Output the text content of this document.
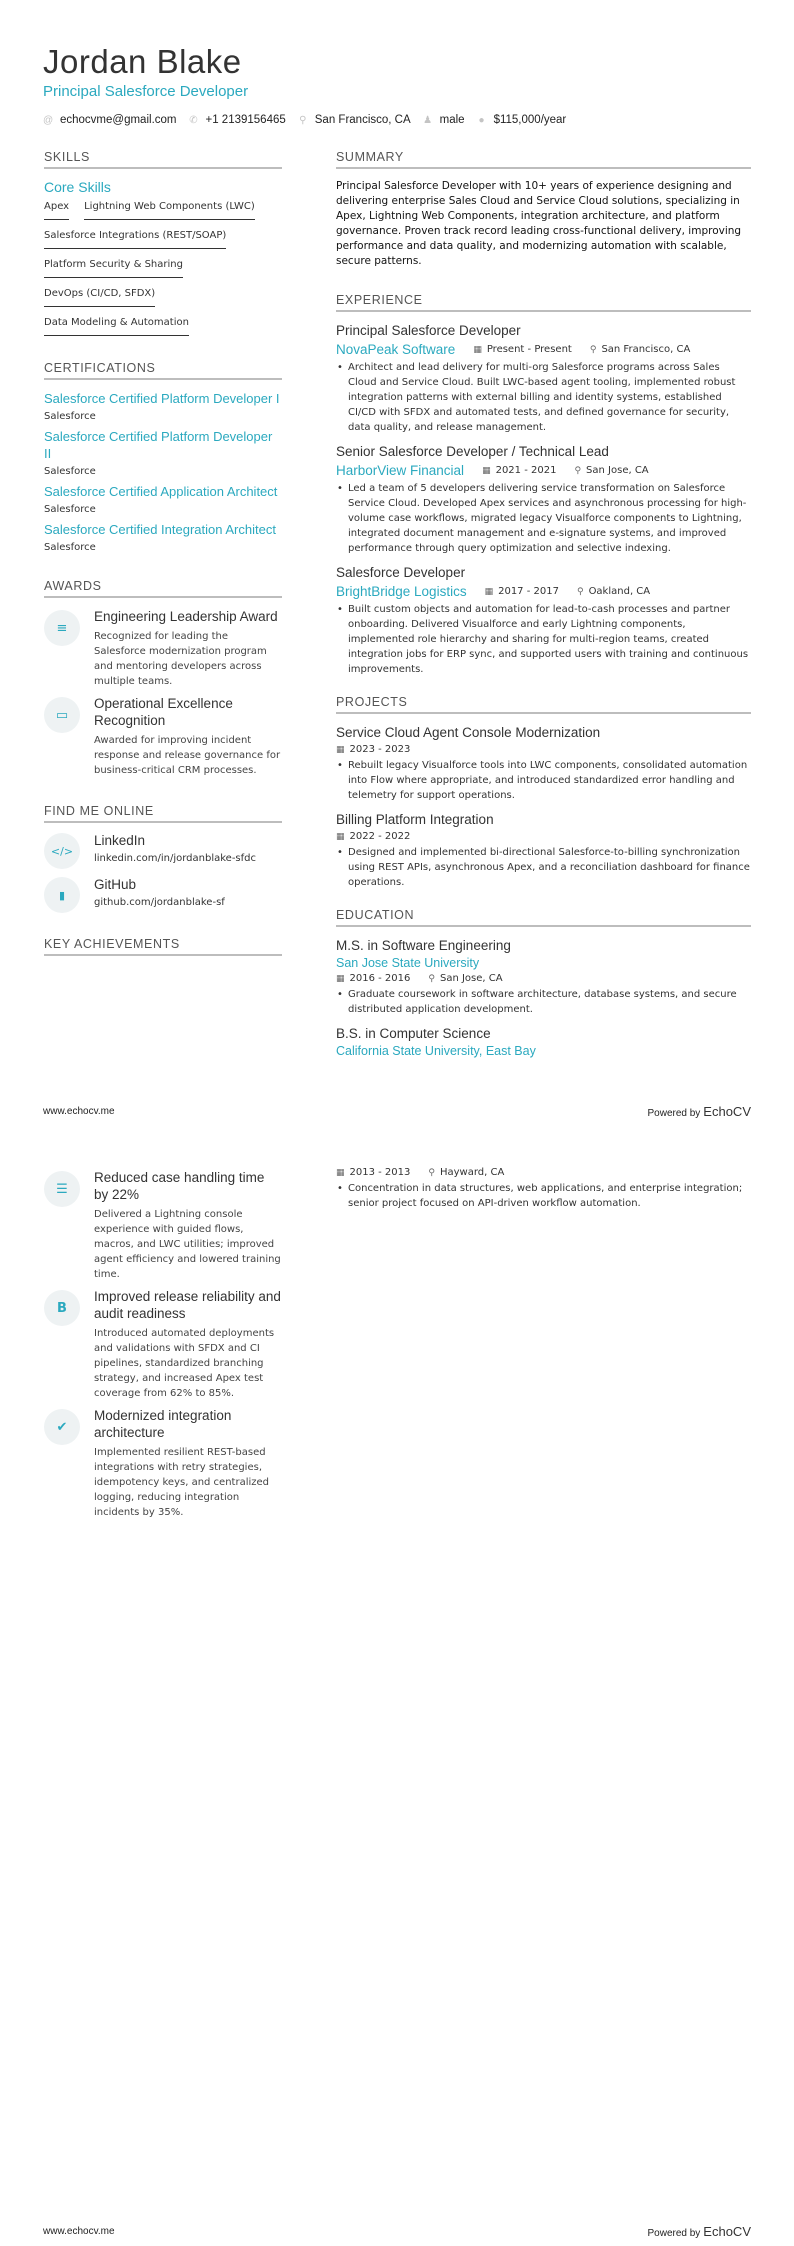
Jordan Blake
Principal Salesforce Developer
@ echocvme@gmail.com ✆ +1 2139156465 ⚲ San Francisco, CA ♟ male ● $115,000/year
SKILLS
Core Skills
Apex Lightning Web Components (LWC)
Salesforce Integrations (REST/SOAP)
Platform Security & Sharing
DevOps (CI/CD, SFDX)
Data Modeling & Automation
CERTIFICATIONS
Salesforce Certified Platform Developer I
Salesforce
Salesforce Certified Platform Developer II
Salesforce
Salesforce Certified Application Architect
Salesforce
Salesforce Certified Integration Architect
Salesforce
AWARDS
≡
Engineering Leadership Award
Recognized for leading the Salesforce modernization program and mentoring developers across multiple teams.
▭
Operational Excellence Recognition
Awarded for improving incident response and release governance for business-critical CRM processes.
FIND ME ONLINE
</>
LinkedIn
linkedin.com/in/jordanblake-sfdc
▮
GitHub
github.com/jordanblake-sf
KEY ACHIEVEMENTS
SUMMARY
Principal Salesforce Developer with 10+ years of experience designing and delivering enterprise Sales Cloud and Service Cloud solutions, specializing in Apex, Lightning Web Components, integration architecture, and platform governance. Proven track record leading cross-functional delivery, improving performance and data quality, and modernizing automation with scalable, secure patterns.
EXPERIENCE
Principal Salesforce Developer
NovaPeak Software ▦ Present - Present ⚲ San Francisco, CA
• Architect and lead delivery for multi-org Salesforce programs across Sales Cloud and Service Cloud. Built LWC-based agent tooling, implemented robust integration patterns with external billing and identity systems, established CI/CD with SFDX and automated tests, and defined governance for security, data quality, and release management.
Senior Salesforce Developer / Technical Lead
HarborView Financial ▦ 2021 - 2021 ⚲ San Jose, CA
• Led a team of 5 developers delivering service transformation on Salesforce Service Cloud. Developed Apex services and asynchronous processing for high-volume case workflows, migrated legacy Visualforce components to Lightning, integrated document management and e-signature systems, and improved performance through query optimization and selective indexing.
Salesforce Developer
BrightBridge Logistics ▦ 2017 - 2017 ⚲ Oakland, CA
• Built custom objects and automation for lead-to-cash processes and partner onboarding. Delivered Visualforce and early Lightning components, implemented role hierarchy and sharing for multi-region teams, created integration jobs for ERP sync, and supported users with training and continuous improvements.
PROJECTS
Service Cloud Agent Console Modernization
▦ 2023 - 2023
• Rebuilt legacy Visualforce tools into LWC components, consolidated automation into Flow where appropriate, and introduced standardized error handling and telemetry for support operations.
Billing Platform Integration
▦ 2022 - 2022
• Designed and implemented bi-directional Salesforce-to-billing synchronization using REST APIs, asynchronous Apex, and a reconciliation dashboard for finance operations.
EDUCATION
M.S. in Software Engineering
San Jose State University
▦ 2016 - 2016 ⚲ San Jose, CA
• Graduate coursework in software architecture, database systems, and secure distributed application development.
B.S. in Computer Science
California State University, East Bay
www.echocv.me	Powered by EchoCV
☰
Reduced case handling time by 22%
Delivered a Lightning console experience with guided flows, macros, and LWC utilities; improved agent efficiency and lowered training time.
B
Improved release reliability and audit readiness
Introduced automated deployments and validations with SFDX and CI pipelines, standardized branching strategy, and increased Apex test coverage from 62% to 85%.
✔
Modernized integration architecture
Implemented resilient REST-based integrations with retry strategies, idempotency keys, and centralized logging, reducing integration incidents by 35%.
▦ 2013 - 2013 ⚲ Hayward, CA
• Concentration in data structures, web applications, and enterprise integration; senior project focused on API-driven workflow automation.
www.echocv.me	Powered by EchoCV
